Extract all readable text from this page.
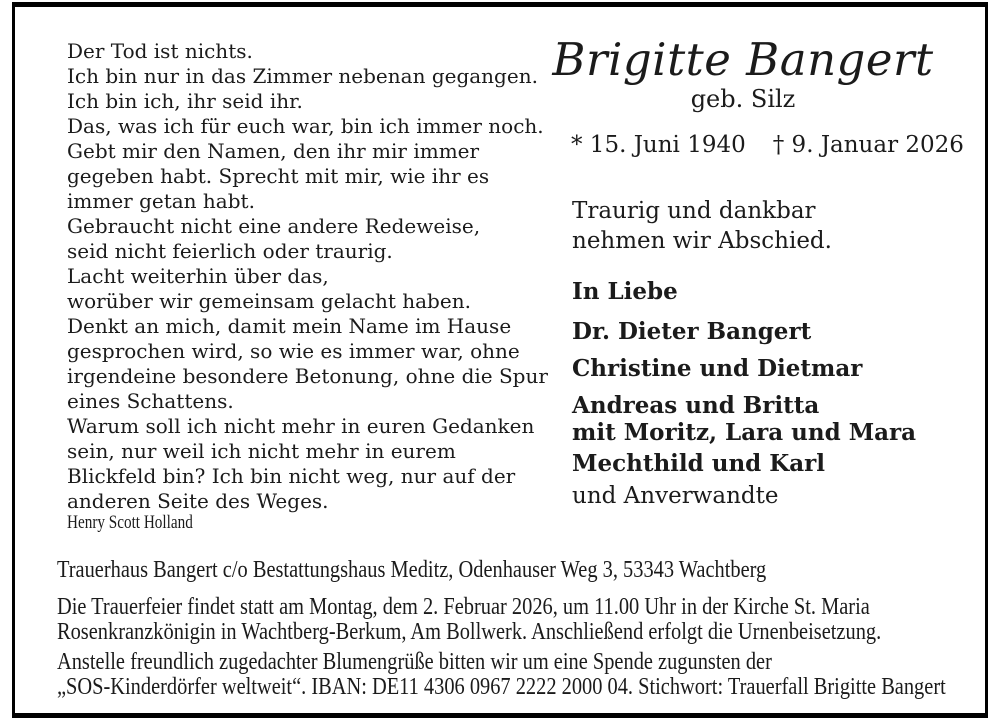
Der Tod ist nichts.
Ich bin nur in das Zimmer nebenan gegangen.
Ich bin ich, ihr seid ihr.
Das, was ich für euch war, bin ich immer noch.
Gebt mir den Namen, den ihr mir immer
gegeben habt. Sprecht mit mir, wie ihr es
immer getan habt.
Gebraucht nicht eine andere Redeweise,
seid nicht feierlich oder traurig.
Lacht weiterhin über das,
worüber wir gemeinsam gelacht haben.
Denkt an mich, damit mein Name im Hause
gesprochen wird, so wie es immer war, ohne
irgendeine besondere Betonung, ohne die Spur
eines Schattens.
Warum soll ich nicht mehr in euren Gedanken
sein, nur weil ich nicht mehr in eurem
Blickfeld bin? Ich bin nicht weg, nur auf der
anderen Seite des Weges.
Henry Scott Holland
Brigitte Bangert
geb. Silz
* 15. Juni 1940 † 9. Januar 2026
Traurig und dankbar
nehmen wir Abschied.
In Liebe
Dr. Dieter Bangert
Christine und Dietmar
Andreas und Britta
mit Moritz, Lara und Mara
Mechthild und Karl
und Anverwandte
Trauerhaus Bangert c/o Bestattungshaus Meditz, Odenhauser Weg 3, 53343 Wachtberg
Die Trauerfeier findet statt am Montag, dem 2. Februar 2026, um 11.00 Uhr in der Kirche St. Maria
Rosenkranzkönigin in Wachtberg-Berkum, Am Bollwerk. Anschließend erfolgt die Urnenbeisetzung.
Anstelle freundlich zugedachter Blumengrüße bitten wir um eine Spende zugunsten der
„SOS-Kinderdörfer weltweit“. IBAN: DE11 4306 0967 2222 2000 04. Stichwort: Trauerfall Brigitte Bangert
